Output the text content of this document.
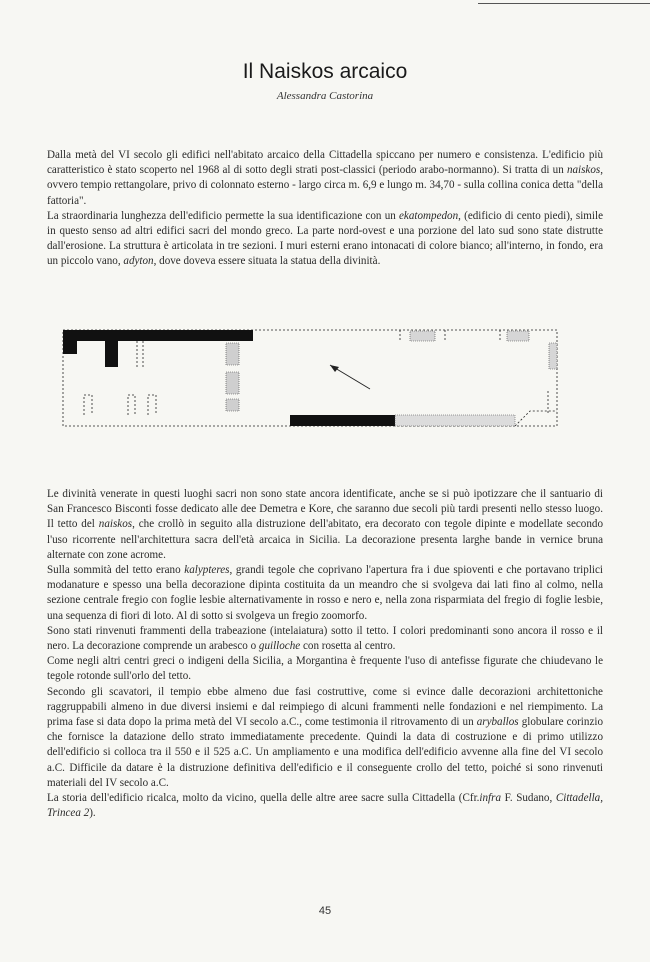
Il Naiskos arcaico
Alessandra Castorina

Dalla metà del VI secolo gli edifici nell'abitato arcaico della Cittadella spiccano per numero e consistenza. L'edificio più caratteristico è stato scoperto nel 1968 al di sotto degli strati post-classici (periodo arabo-normanno). Si tratta di un naiskos, ovvero tempio rettangolare, privo di colonnato esterno - largo circa m. 6,9 e lungo m. 34,70 - sulla collina conica detta "della fattoria".

La straordinaria lunghezza dell'edificio permette la sua identificazione con un ekatompedon, (edificio di cento piedi), simile in questo senso ad altri edifici sacri del mondo greco. La parte nord-ovest e una porzione del lato sud sono state distrutte dall'erosione. La struttura è articolata in tre sezioni. I muri esterni erano intonacati di colore bianco; all'interno, in fondo, era un piccolo vano, adyton, dove doveva essere situata la statua della divinità.

Le divinità venerate in questi luoghi sacri non sono state ancora identificate, anche se si può ipotizzare che il santuario di San Francesco Bisconti fosse dedicato alle dee Demetra e Kore, che saranno due secoli più tardi presenti nello stesso luogo. Il tetto del naiskos, che crollò in seguito alla distruzione dell'abitato, era decorato con tegole dipinte e modellate secondo l'uso ricorrente nell'architettura sacra dell'età arcaica in Sicilia. La decorazione presenta larghe bande in vernice bruna alternate con zone acrome.

Sulla sommità del tetto erano kalypteres, grandi tegole che coprivano l'apertura fra i due spioventi e che portavano triplici modanature e spesso una bella decorazione dipinta costituita da un meandro che si svolgeva dai lati fino al colmo, nella sezione centrale fregio con foglie lesbie alternativamente in rosso e nero e, nella zona risparmiata del fregio di foglie lesbie, una sequenza di fiori di loto. Al di sotto si svolgeva un fregio zoomorfo.

Sono stati rinvenuti frammenti della trabeazione (intelaiatura) sotto il tetto. I colori predominanti sono ancora il rosso e il nero. La decorazione comprende un arabesco o guilloche con rosetta al centro.

Come negli altri centri greci o indigeni della Sicilia, a Morgantina è frequente l'uso di antefisse figurate che chiudevano le tegole rotonde sull'orlo del tetto.

Secondo gli scavatori, il tempio ebbe almeno due fasi costruttive, come si evince dalle decorazioni architettoniche raggruppabili almeno in due diversi insiemi e dal reimpiego di alcuni frammenti nelle fondazioni e nel riempimento. La prima fase si data dopo la prima metà del VI secolo a.C., come testimonia il ritrovamento di un aryballos globulare corinzio che fornisce la datazione dello strato immediatamente precedente. Quindi la data di costruzione e di primo utilizzo dell'edificio si colloca tra il 550 e il 525 a.C. Un ampliamento e una modifica dell'edificio avvenne alla fine del VI secolo a.C. Difficile da datare è la distruzione definitiva dell'edificio e il conseguente crollo del tetto, poiché si sono rinvenuti materiali del IV secolo a.C.

La storia dell'edificio ricalca, molto da vicino, quella delle altre aree sacre sulla Cittadella (Cfr.infra F. Sudano, Cittadella, Trincea 2).

45
